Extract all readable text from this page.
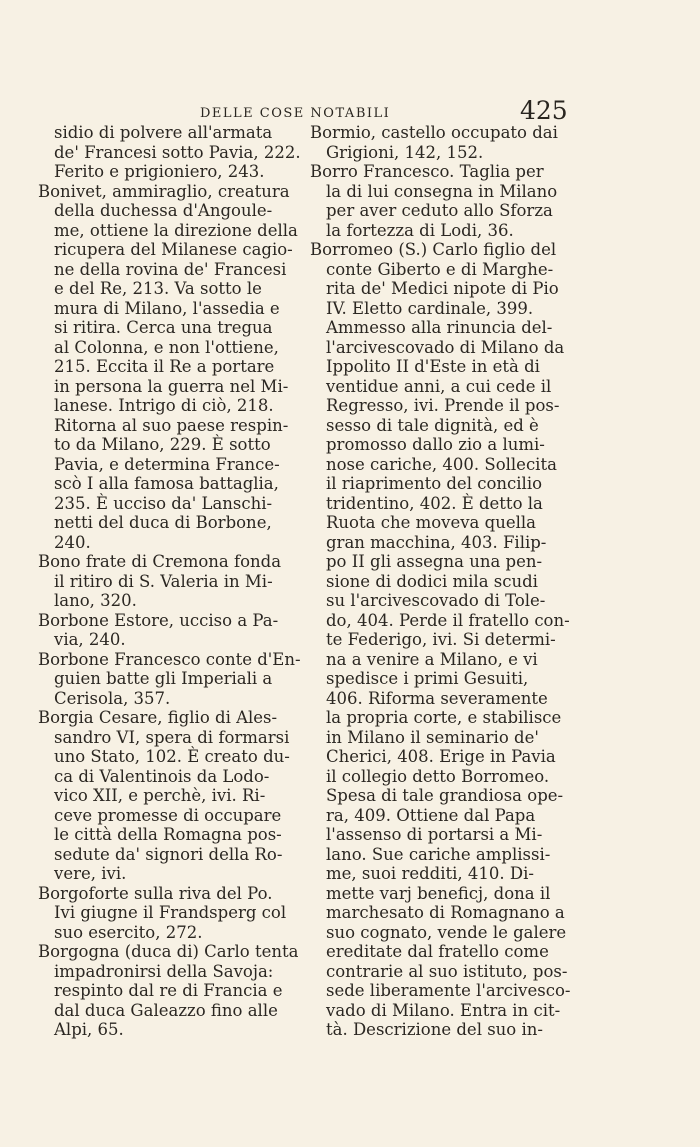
DELLE COSE NOTABILI	425
sidio di polvere all'armata
de' Francesi sotto Pavia, 222.
Ferito e prigioniero, 243.
Bonivet, ammiraglio, creatura
della duchessa d'Angoule-
me, ottiene la direzione della
ricupera del Milanese cagio-
ne della rovina de' Francesi
e del Re, 213. Va sotto le
mura di Milano, l'assedia e
si ritira. Cerca una tregua
al Colonna, e non l'ottiene,
215. Eccita il Re a portare
in persona la guerra nel Mi-
lanese. Intrigo di ciò, 218.
Ritorna al suo paese respin-
to da Milano, 229. È sotto
Pavia, e determina France-
scò I alla famosa battaglia,
235. È ucciso da' Lanschi-
netti del duca di Borbone,
240.
Bono frate di Cremona fonda
il ritiro di S. Valeria in Mi-
lano, 320.
Borbone Estore, ucciso a Pa-
via, 240.
Borbone Francesco conte d'En-
guien batte gli Imperiali a
Cerisola, 357.
Borgia Cesare, figlio di Ales-
sandro VI, spera di formarsi
uno Stato, 102. È creato du-
ca di Valentinois da Lodo-
vico XII, e perchè, ivi. Ri-
ceve promesse di occupare
le città della Romagna pos-
sedute da' signori della Ro-
vere, ivi.
Borgoforte sulla riva del Po.
Ivi giugne il Frandsperg col
suo esercito, 272.
Borgogna (duca di) Carlo tenta
impadronirsi della Savoja:
respinto dal re di Francia e
dal duca Galeazzo fino alle
Alpi, 65.
Bormio, castello occupato dai
Grigioni, 142, 152.
Borro Francesco. Taglia per
la di lui consegna in Milano
per aver ceduto allo Sforza
la fortezza di Lodi, 36.
Borromeo (S.) Carlo figlio del
conte Giberto e di Marghe-
rita de' Medici nipote di Pio
IV. Eletto cardinale, 399.
Ammesso alla rinuncia del-
l'arcivescovado di Milano da
Ippolito II d'Este in età di
ventidue anni, a cui cede il
Regresso, ivi. Prende il pos-
sesso di tale dignità, ed è
promosso dallo zio a lumi-
nose cariche, 400. Sollecita
il riaprimento del concilio
tridentino, 402. È detto la
Ruota che moveva quella
gran macchina, 403. Filip-
po II gli assegna una pen-
sione di dodici mila scudi
su l'arcivescovado di Tole-
do, 404. Perde il fratello con-
te Federigo, ivi. Si determi-
na a venire a Milano, e vi
spedisce i primi Gesuiti,
406. Riforma severamente
la propria corte, e stabilisce
in Milano il seminario de'
Cherici, 408. Erige in Pavia
il collegio detto Borromeo.
Spesa di tale grandiosa ope-
ra, 409. Ottiene dal Papa
l'assenso di portarsi a Mi-
lano. Sue cariche amplissi-
me, suoi redditi, 410. Di-
mette varj beneficj, dona il
marchesato di Romagnano a
suo cognato, vende le galere
ereditate dal fratello come
contrarie al suo istituto, pos-
sede liberamente l'arcivesco-
vado di Milano. Entra in cit-
tà. Descrizione del suo in-
